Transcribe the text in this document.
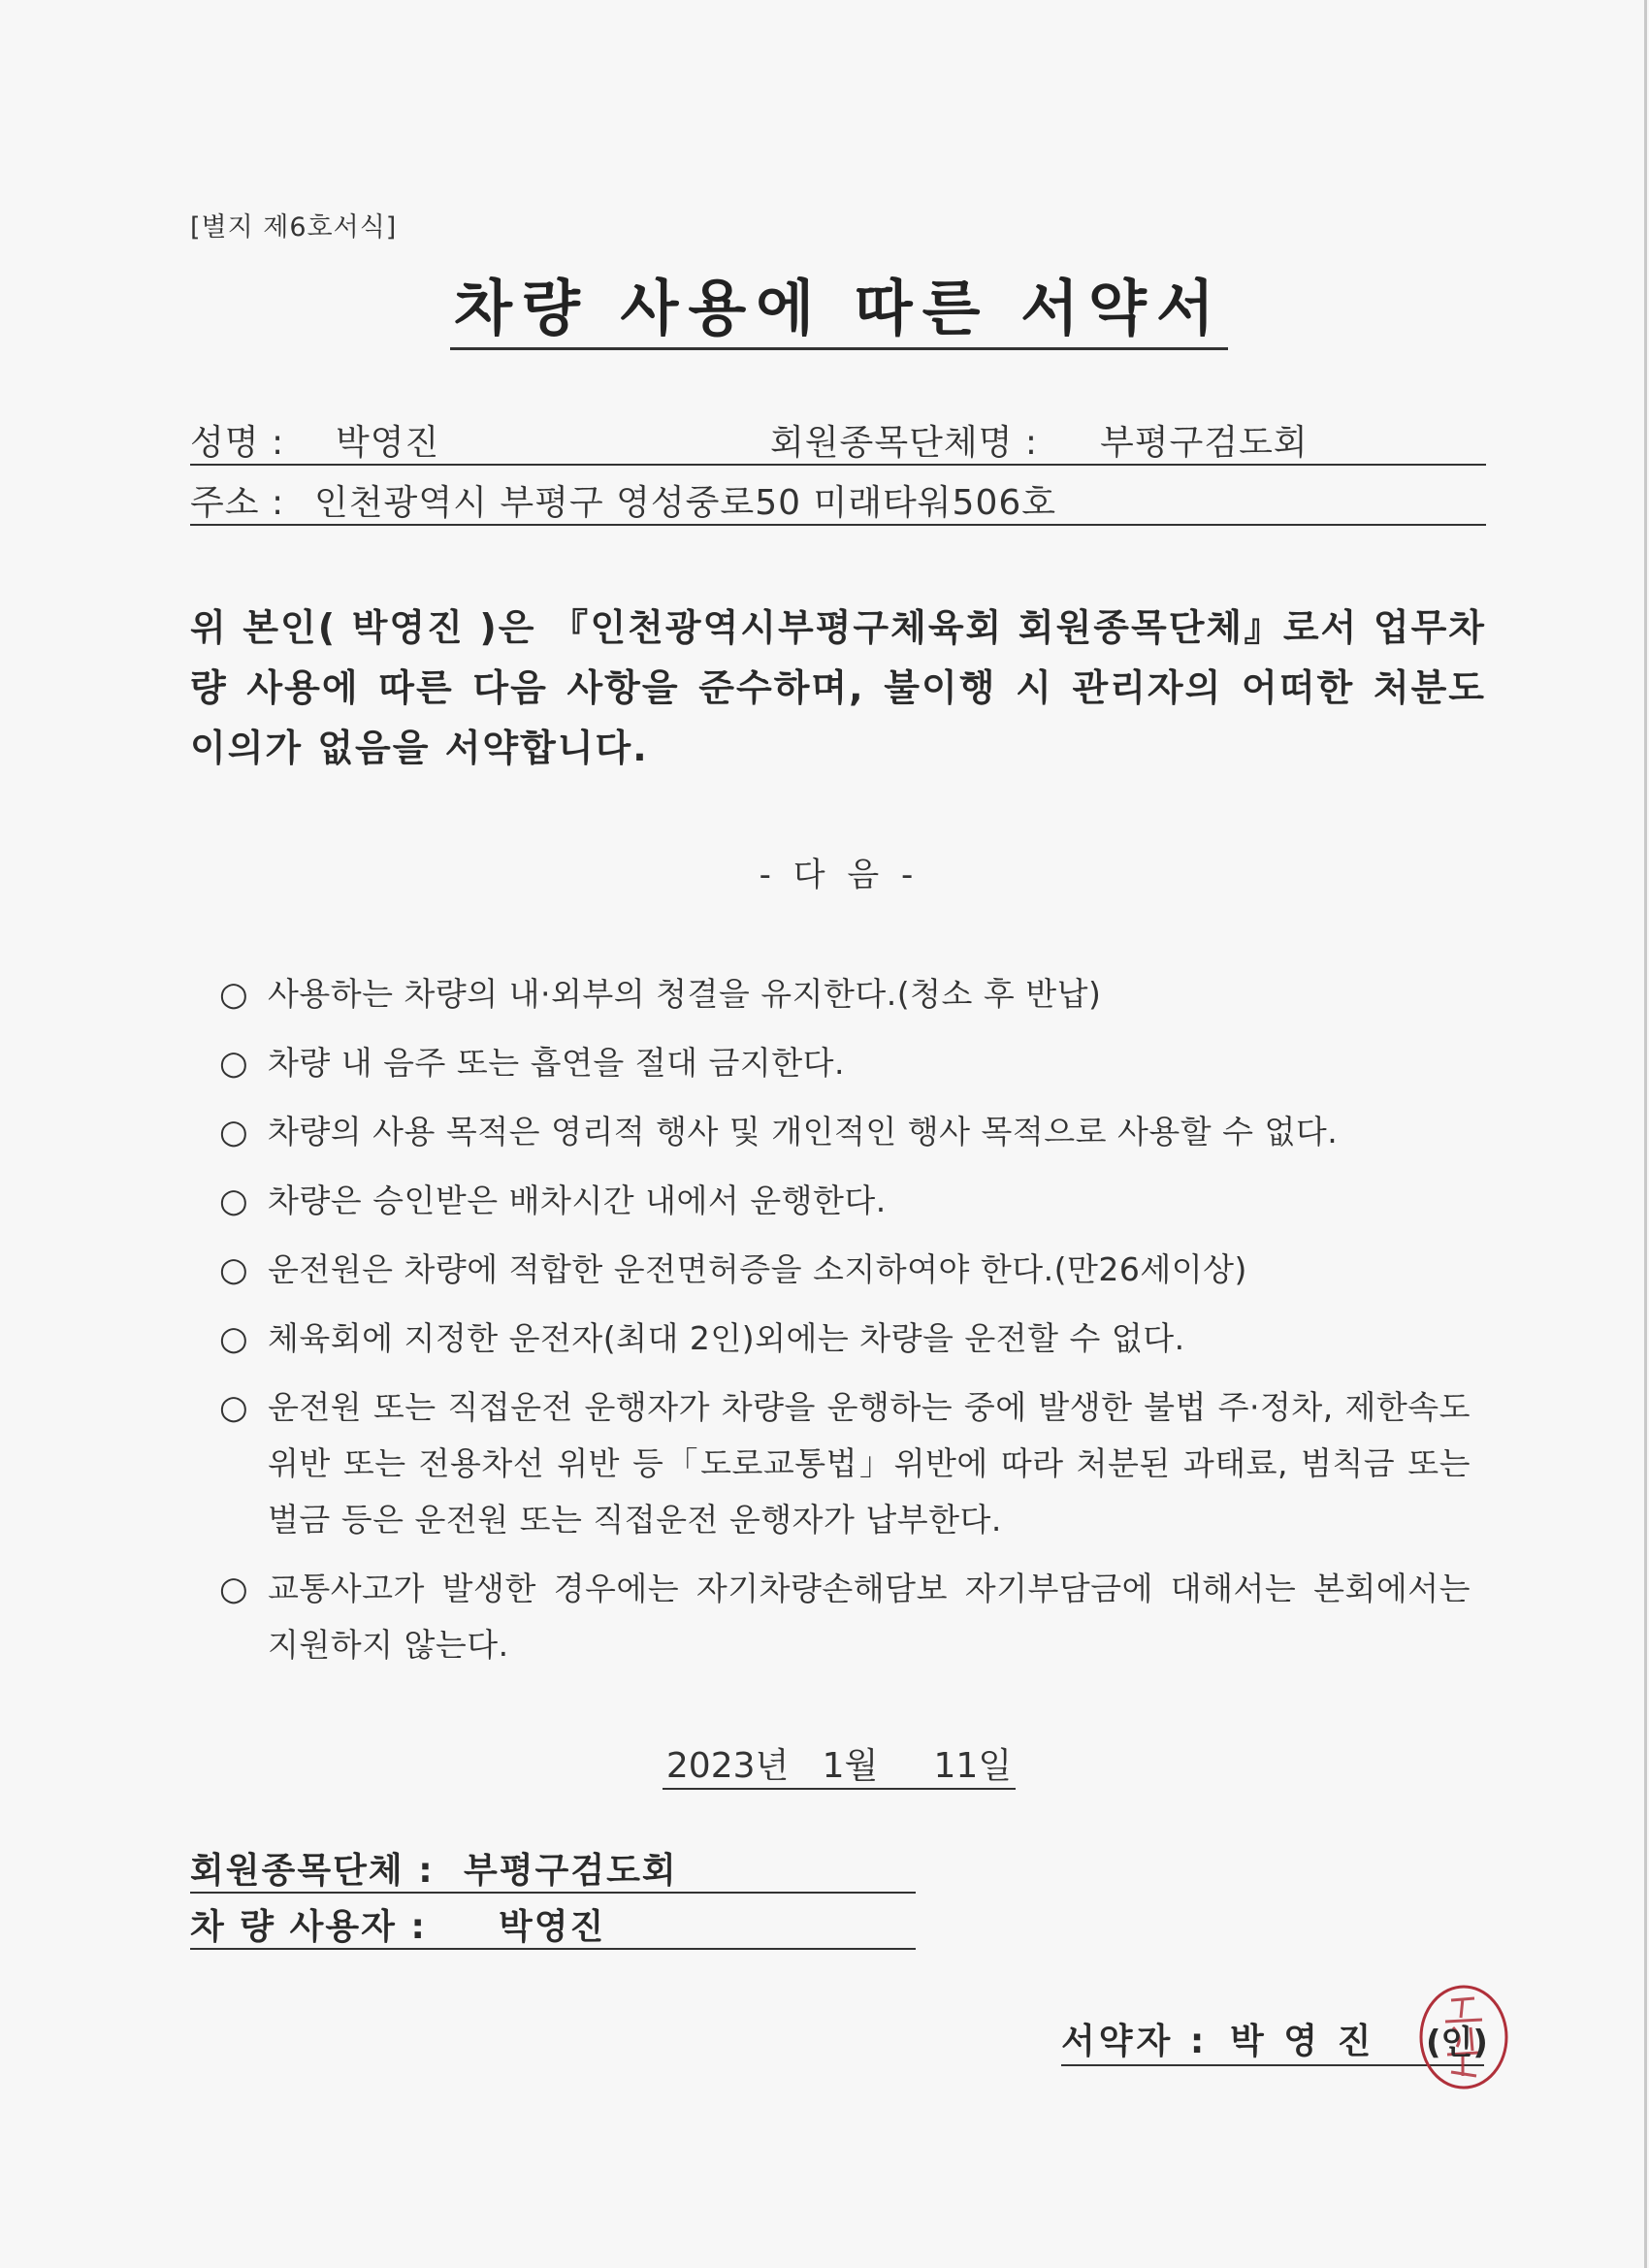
[별지 제6호서식]
차량 사용에 따른 서약서
성명 : 박영진	회원종목단체명 : 부평구검도회
주소 : 인천광역시 부평구 영성중로50 미래타워506호
위 본인( 박영진 )은 『인천광역시부평구체육회 회원종목단체』로서 업무차량 사용에 따른 다음 사항을 준수하며, 불이행 시 관리자의 어떠한 처분도 이의가 없음을 서약합니다.
- 다 음 -
○ 사용하는 차량의 내·외부의 청결을 유지한다.(청소 후 반납)
○ 차량 내 음주 또는 흡연을 절대 금지한다.
○ 차량의 사용 목적은 영리적 행사 및 개인적인 행사 목적으로 사용할 수 없다.
○ 차량은 승인받은 배차시간 내에서 운행한다.
○ 운전원은 차량에 적합한 운전면허증을 소지하여야 한다.(만26세이상)
○ 체육회에 지정한 운전자(최대 2인)외에는 차량을 운전할 수 없다.
○ 운전원 또는 직접운전 운행자가 차량을 운행하는 중에 발생한 불법 주·정차, 제한속도 위반 또는 전용차선 위반 등「도로교통법」위반에 따라 처분된 과태료, 범칙금 또는 벌금 등은 운전원 또는 직접운전 운행자가 납부한다.
○ 교통사고가 발생한 경우에는 자기차량손해담보 자기부담금에 대해서는 본회에서는 지원하지 않는다.
2023년   1월     11일
회원종목단체 : 부평구검도회
차 량 사용자 : 박영진
서약자 : 박 영 진 (인)
